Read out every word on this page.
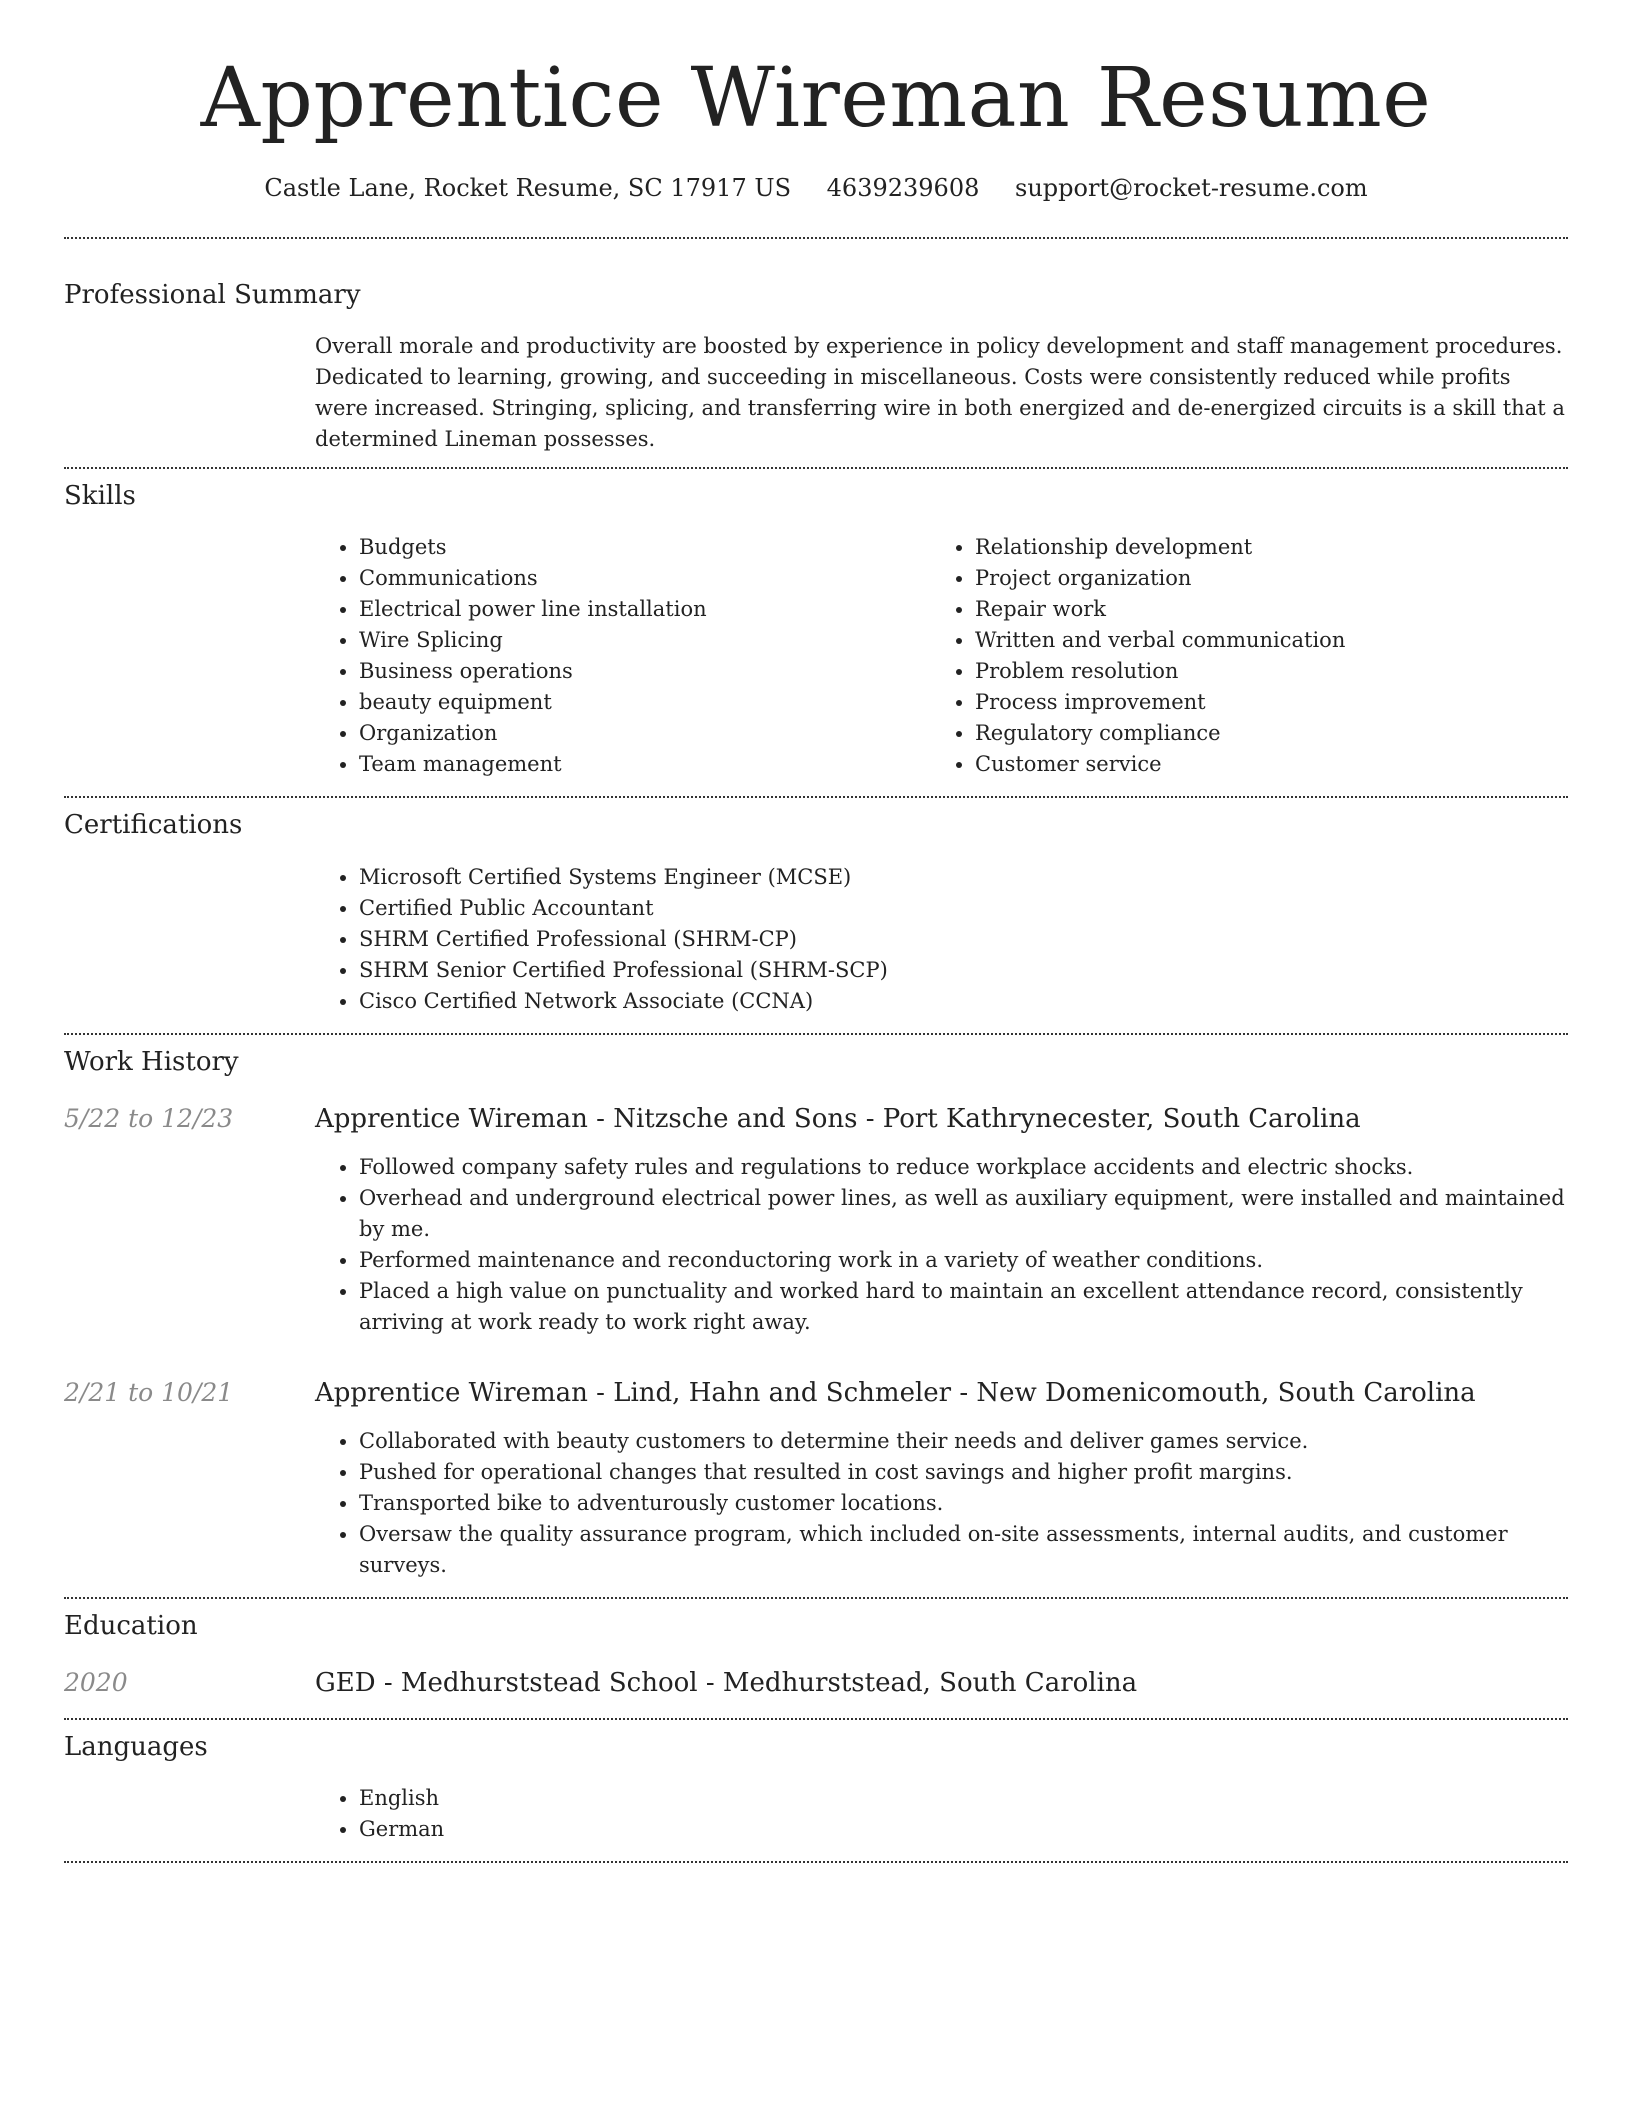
Apprentice Wireman Resume
Castle Lane, Rocket Resume, SC 17917 US 4639239608 support@rocket-resume.com
Professional Summary
Overall morale and productivity are boosted by experience in policy development and staff management procedures. Dedicated to learning, growing, and succeeding in miscellaneous. Costs were consistently reduced while profits were increased. Stringing, splicing, and transferring wire in both energized and de-energized circuits is a skill that a determined Lineman possesses.
Skills
• Budgets
• Communications
• Electrical power line installation
• Wire Splicing
• Business operations
• beauty equipment
• Organization
• Team management
• Relationship development
• Project organization
• Repair work
• Written and verbal communication
• Problem resolution
• Process improvement
• Regulatory compliance
• Customer service
Certifications
• Microsoft Certified Systems Engineer (MCSE)
• Certified Public Accountant
• SHRM Certified Professional (SHRM-CP)
• SHRM Senior Certified Professional (SHRM-SCP)
• Cisco Certified Network Associate (CCNA)
Work History
5/22 to 12/23	Apprentice Wireman - Nitzsche and Sons - Port Kathrynecester, South Carolina
• Followed company safety rules and regulations to reduce workplace accidents and electric shocks.
• Overhead and underground electrical power lines, as well as auxiliary equipment, were installed and maintained by me.
• Performed maintenance and reconductoring work in a variety of weather conditions.
• Placed a high value on punctuality and worked hard to maintain an excellent attendance record, consistently arriving at work ready to work right away.
2/21 to 10/21	Apprentice Wireman - Lind, Hahn and Schmeler - New Domenicomouth, South Carolina
• Collaborated with beauty customers to determine their needs and deliver games service.
• Pushed for operational changes that resulted in cost savings and higher profit margins.
• Transported bike to adventurously customer locations.
• Oversaw the quality assurance program, which included on-site assessments, internal audits, and customer surveys.
Education
2020	GED - Medhurststead School - Medhurststead, South Carolina
Languages
• English
• German
